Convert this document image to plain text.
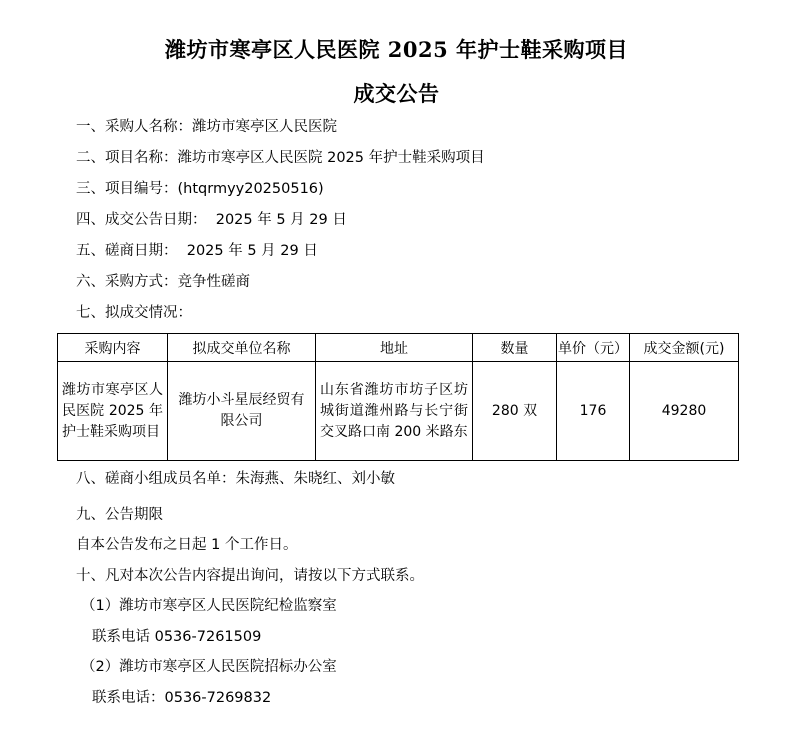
潍坊市寒亭区人民医院 2025 年护士鞋采购项目
成交公告
一、采购人名称：潍坊市寒亭区人民医院
二、项目名称：潍坊市寒亭区人民医院 2025 年护士鞋采购项目
三、项目编号：(htqrmyy20250516)
四、成交公告日期：  2025 年 5 月 29 日
五、磋商日期：  2025 年 5 月 29 日
六、采购方式：竞争性磋商
七、拟成交情况：
采购内容	拟成交单位名称	地址	数量	单价（元）	成交金额(元)
潍坊市寒亭区人民医院 2025 年护士鞋采购项目	潍坊小斗星辰经贸有限公司	山东省潍坊市坊子区坊城街道潍州路与长宁街交叉路口南 200 米路东	280 双	176	49280
八、磋商小组成员名单：朱海燕、朱晓红、刘小敏
九、公告期限
自本公告发布之日起 1 个工作日。
十、凡对本次公告内容提出询问，请按以下方式联系。
（1）潍坊市寒亭区人民医院纪检监察室
联系电话 0536-7261509
（2）潍坊市寒亭区人民医院招标办公室
联系电话：0536-7269832
